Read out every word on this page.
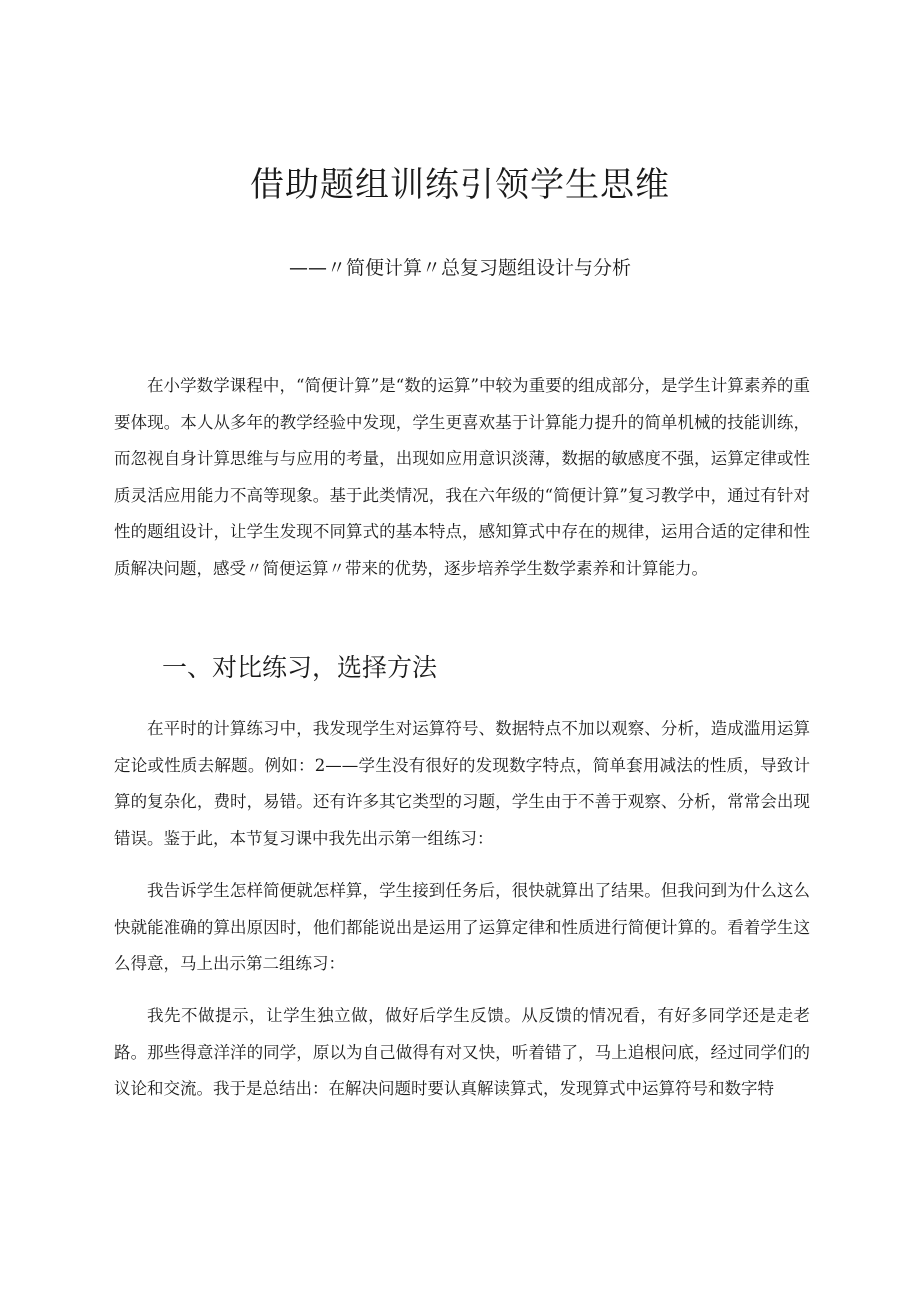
借助题组训练引领学生思维

——〃简便计算〃总复习题组设计与分析

在小学数学课程中，“简便计算”是“数的运算”中较为重要的组成部分，是学生计算素养的重要体现。本人从多年的教学经验中发现，学生更喜欢基于计算能力提升的简单机械的技能训练，而忽视自身计算思维与与应用的考量，出现如应用意识淡薄，数据的敏感度不强，运算定律或性质灵活应用能力不高等现象。基于此类情况，我在六年级的“简便计算”复习教学中，通过有针对性的题组设计，让学生发现不同算式的基本特点，感知算式中存在的规律，运用合适的定律和性质解决问题，感受〃简便运算〃带来的优势，逐步培养学生数学素养和计算能力。

一、对比练习，选择方法

在平时的计算练习中，我发现学生对运算符号、数据特点不加以观察、分析，造成滥用运算定论或性质去解题。例如：2——学生没有很好的发现数字特点，简单套用减法的性质，导致计算的复杂化，费时，易错。还有许多其它类型的习题，学生由于不善于观察、分析，常常会出现错误。鉴于此，本节复习课中我先出示第一组练习：

我告诉学生怎样简便就怎样算，学生接到任务后，很快就算出了结果。但我问到为什么这么快就能准确的算出原因时，他们都能说出是运用了运算定律和性质进行简便计算的。看着学生这么得意，马上出示第二组练习：

我先不做提示，让学生独立做，做好后学生反馈。从反馈的情况看，有好多同学还是走老路。那些得意洋洋的同学，原以为自己做得有对又快，听着错了，马上追根问底，经过同学们的议论和交流。我于是总结出：在解决问题时要认真解读算式，发现算式中运算符号和数字特
